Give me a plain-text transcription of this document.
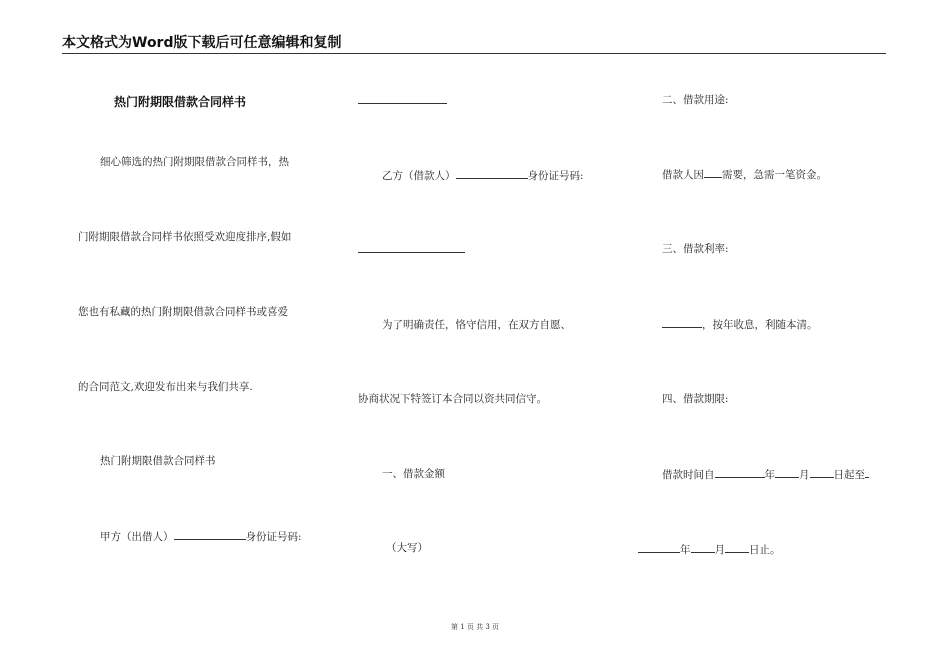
本文格式为Word版下载后可任意编辑和复制
热门附期限借款合同样书
细心筛选的热门附期限借款合同样书，热
门附期限借款合同样书依照受欢迎度排序,假如
您也有私藏的热门附期限借款合同样书或喜爱
的合同范文,欢迎发布出来与我们共享.
热门附期限借款合同样书
甲方（出借人）	身份证号码:
乙方（借款人）	身份证号码:
为了明确责任，恪守信用，在双方自愿、
协商状况下特签订本合同以资共同信守。
一、借款金额
（大写）
二、借款用途:
借款人因 需要，急需一笔资金。
三、借款利率:
，按年收息，利随本清。
四、借款期限:
借款时间自	年 月 日起至
年 月 日止。
第 1 页 共 3 页
